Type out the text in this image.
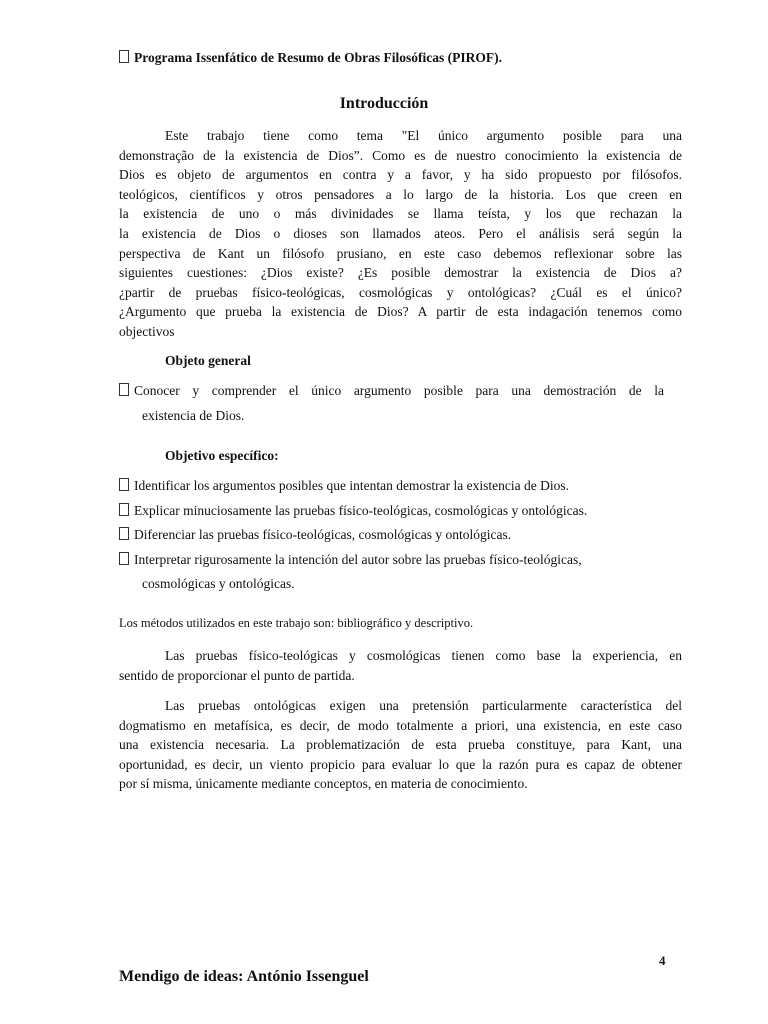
Programa Issenfático de Resumo de Obras Filosóficas (PIROF).
Introducción
Este trabajo tiene como tema "El único argumento posible para una
demonstração de la existencia de Dios”. Como es de nuestro conocimiento la existencia de
Dios es objeto de argumentos en contra y a favor, y ha sido propuesto por filósofos.
teológicos, científicos y otros pensadores a lo largo de la historia. Los que creen en
la existencia de uno o más divinidades se llama teísta, y los que rechazan la
la existencia de Dios o dioses son llamados ateos. Pero el análisis será según la
perspectiva de Kant un filósofo prusiano, en este caso debemos reflexionar sobre las
siguientes cuestiones: ¿Dios existe? ¿Es posible demostrar la existencia de Dios a?
¿partir de pruebas físico-teológicas, cosmológicas y ontológicas? ¿Cuál es el único?
¿Argumento que prueba la existencia de Dios? A partir de esta indagación tenemos como
objectivos
Objeto general
Conocer y comprender el único argumento posible para una demostración de la
existencia de Dios.
Objetivo específico:
Identificar los argumentos posibles que intentan demostrar la existencia de Dios.
Explicar minuciosamente las pruebas físico-teológicas, cosmológicas y ontológicas.
Diferenciar las pruebas físico-teológicas, cosmológicas y ontológicas.
Interpretar rigurosamente la intención del autor sobre las pruebas físico-teológicas,
cosmológicas y ontológicas.
Los métodos utilizados en este trabajo son: bibliográfico y descriptivo.
Las pruebas físico-teológicas y cosmológicas tienen como base la experiencia, en
sentido de proporcionar el punto de partida.
Las pruebas ontológicas exigen una pretensión particularmente característica del
dogmatismo en metafísica, es decir, de modo totalmente a priori, una existencia, en este caso
una existencia necesaria. La problematización de esta prueba constituye, para Kant, una
oportunidad, es decir, un viento propicio para evaluar lo que la razón pura es capaz de obtener
por sí misma, únicamente mediante conceptos, en materia de conocimiento.
4
Mendigo de ideas: António Issenguel
